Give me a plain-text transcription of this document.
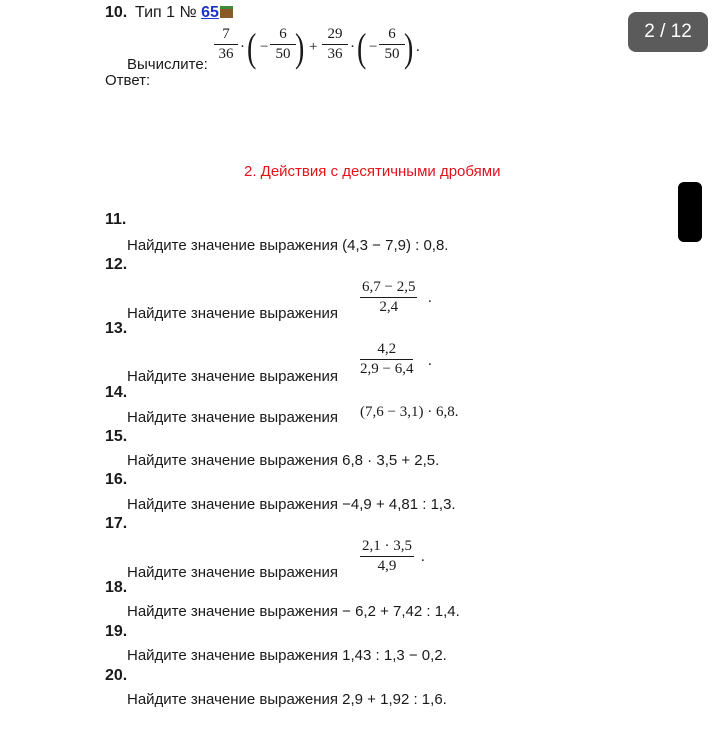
10. Тип 1 № 65
Вычислите:
$\frac{7}{36}$ · ( − $\frac{6}{50}$
) + $\frac{29}{36}$ · ( − $\frac{6}{50}$
) .
Ответ:
2 / 12
2. Действия с десятичными дробями
11.
Найдите значение выражения (4,3 − 7,9) : 0,8.
12.
Найдите значение выражения $\frac{6,7 - 2,5}{2,4}$ .
13.
Найдите значение выражения $\frac{4,2}{2,9 - 6,4}$ .
14.
Найдите значение выражения (7,6 − 3,1) · 6,8.
15.
Найдите значение выражения 6,8 · 3,5 + 2,5.
16.
Найдите значение выражения −4,9 + 4,81 : 1,3.
17.
Найдите значение выражения $\frac{2,1 \cdot 3,5}{4,9}$ .
18.
Найдите значение выражения − 6,2 + 7,42 : 1,4.
19.
Найдите значение выражения 1,43 : 1,3 − 0,2.
20.
Найдите значение выражения 2,9 + 1,92 : 1,6.
